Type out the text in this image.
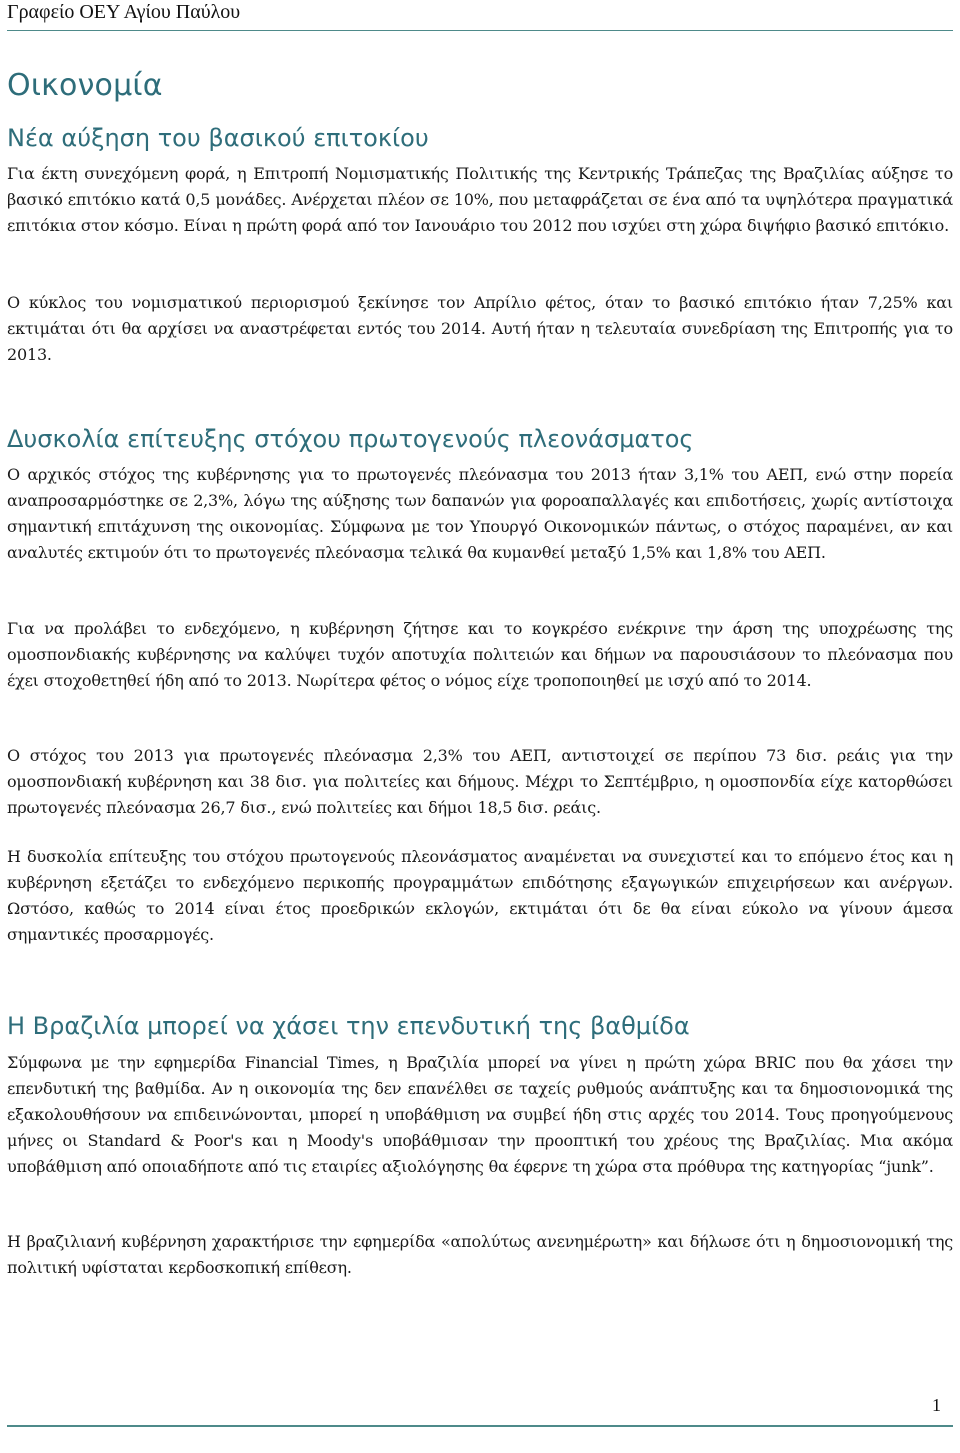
Γραφείο ΟΕΥ Αγίου Παύλου
Οικονομία
Νέα αύξηση του βασικού επιτοκίου

Για έκτη συνεχόμενη φορά, η Επιτροπή Νομισματικής Πολιτικής της Κεντρικής Τράπεζας της Βραζιλίας αύξησε το βασικό επιτόκιο κατά 0,5 μονάδες. Ανέρχεται πλέον σε 10%, που μεταφράζεται σε ένα από τα υψηλότερα πραγματικά επιτόκια στον κόσμο. Είναι η πρώτη φορά από τον Ιανουάριο του 2012 που ισχύει στη χώρα διψήφιο βασικό επιτόκιο.

Ο κύκλος του νομισματικού περιορισμού ξεκίνησε τον Απρίλιο φέτος, όταν το βασικό επιτόκιο ήταν 7,25% και εκτιμάται ότι θα αρχίσει να αναστρέφεται εντός του 2014. Αυτή ήταν η τελευταία συνεδρίαση της Επιτροπής για το 2013.

Δυσκολία επίτευξης στόχου πρωτογενούς πλεονάσματος

Ο αρχικός στόχος της κυβέρνησης για το πρωτογενές πλεόνασμα του 2013 ήταν 3,1% του ΑΕΠ, ενώ στην πορεία αναπροσαρμόστηκε σε 2,3%, λόγω της αύξησης των δαπανών για φοροαπαλλαγές και επιδοτήσεις, χωρίς αντίστοιχα σημαντική επιτάχυνση της οικονομίας. Σύμφωνα με τον Υπουργό Οικονομικών πάντως, ο στόχος παραμένει, αν και αναλυτές εκτιμούν ότι το πρωτογενές πλεόνασμα τελικά θα κυμανθεί μεταξύ 1,5% και 1,8% του ΑΕΠ.

Για να προλάβει το ενδεχόμενο, η κυβέρνηση ζήτησε και το κογκρέσο ενέκρινε την άρση της υποχρέωσης της ομοσπονδιακής κυβέρνησης να καλύψει τυχόν αποτυχία πολιτειών και δήμων να παρουσιάσουν το πλεόνασμα που έχει στοχοθετηθεί ήδη από το 2013. Νωρίτερα φέτος ο νόμος είχε τροποποιηθεί με ισχύ από το 2014.

Ο στόχος του 2013 για πρωτογενές πλεόνασμα 2,3% του ΑΕΠ, αντιστοιχεί σε περίπου 73 δισ. ρεάις για την ομοσπονδιακή κυβέρνηση και 38 δισ. για πολιτείες και δήμους. Μέχρι το Σεπτέμβριο, η ομοσπονδία είχε κατορθώσει πρωτογενές πλεόνασμα 26,7 δισ., ενώ πολιτείες και δήμοι 18,5 δισ. ρεάις.

Η δυσκολία επίτευξης του στόχου πρωτογενούς πλεονάσματος αναμένεται να συνεχιστεί και το επόμενο έτος και η κυβέρνηση εξετάζει το ενδεχόμενο περικοπής προγραμμάτων επιδότησης εξαγωγικών επιχειρήσεων και ανέργων. Ωστόσο, καθώς το 2014 είναι έτος προεδρικών εκλογών, εκτιμάται ότι δε θα είναι εύκολο να γίνουν άμεσα σημαντικές προσαρμογές.

Η Βραζιλία μπορεί να χάσει την επενδυτική της βαθμίδα

Σύμφωνα με την εφημερίδα Financial Times, η Βραζιλία μπορεί να γίνει η πρώτη χώρα BRIC που θα χάσει την επενδυτική της βαθμίδα. Αν η οικονομία της δεν επανέλθει σε ταχείς ρυθμούς ανάπτυξης και τα δημοσιονομικά της εξακολουθήσουν να επιδεινώνονται, μπορεί η υποβάθμιση να συμβεί ήδη στις αρχές του 2014. Τους προηγούμενους μήνες οι Standard & Poor's και η Moody's υποβάθμισαν την προοπτική του χρέους της Βραζιλίας. Μια ακόμα υποβάθμιση από οποιαδήποτε από τις εταιρίες αξιολόγησης θα έφερνε τη χώρα στα πρόθυρα της κατηγορίας “junk”.

Η βραζιλιανή κυβέρνηση χαρακτήρισε την εφημερίδα «απολύτως ανενημέρωτη» και δήλωσε ότι η δημοσιονομική της πολιτική υφίσταται κερδοσκοπική επίθεση.

1
